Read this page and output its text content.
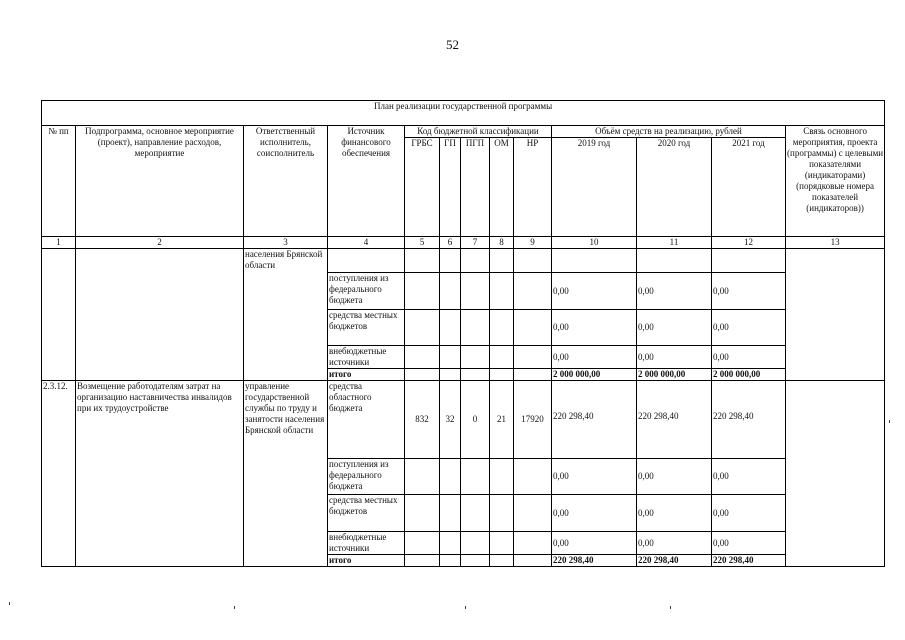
52
План реализации государственной программы												
№ пп	Подпрограмма, основное мероприятие (проект), направление расходов, мероприятие	Ответственный исполнитель, соисполнитель	Источник финансового обеспечения	Код бюджетной классификации					Объём средств на реализацию, рублей			Связь основного мероприятия, проекта (программы) с целевыми показателями (индикаторами) (порядковые номера показателей (индикаторов))
				ГРБС	ГП	ПГП	ОМ	НР	2019 год	2020 год	2021 год	
1	2	3	4	5	6	7	8	9	10	11	12	13
		населения Брянской области										
			поступления из федерального бюджета						0,00	0,00	0,00	
			средства местных бюджетов						0,00	0,00	0,00	
			внебюджетные источники						0,00	0,00	0,00	
			итого						2 000 000,00	2 000 000,00	2 000 000,00	
2.3.12.	Возмещение работодателям затрат на организацию наставничества инвалидов при их трудоустройстве	управление государственной службы по труду и занятости населения Брянской области	средства областного бюджета	832	32	0	21	17920	220 298,40	220 298,40	220 298,40	
			поступления из федерального бюджета						0,00	0,00	0,00	
			средства местных бюджетов						0,00	0,00	0,00	
			внебюджетные источники						0,00	0,00	0,00	
			итого						220 298,40	220 298,40	220 298,40	
